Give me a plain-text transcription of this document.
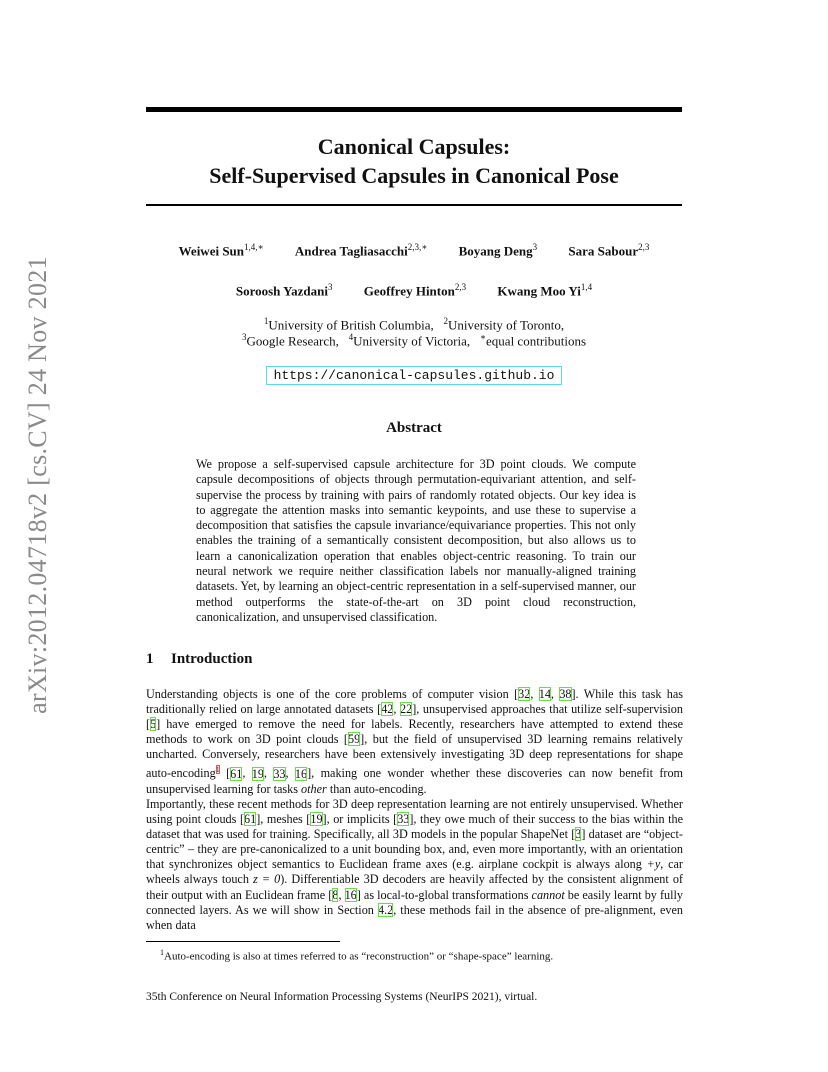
arXiv:2012.04718v2 [cs.CV] 24 Nov 2021
Canonical Capsules:
Self-Supervised Capsules in Canonical Pose
Weiwei Sun$^{1,4,∗}$ Andrea Tagliasacchi$^{2,3,∗}$ Boyang Deng$^3$ Sara Sabour$^{2,3}$
Soroosh Yazdani$^3$ Geoffrey Hinton$^{2,3}$ Kwang Moo Yi$^{1,4}$
$^1$University of British Columbia, $^2$University of Toronto,
$^3$Google Research, $^4$University of Victoria, ∗equal contributions
https://canonical-capsules.github.io
Abstract
We propose a self-supervised capsule architecture for 3D point clouds. We compute capsule decompositions of objects through permutation-equivariant attention, and self-supervise the process by training with pairs of randomly rotated objects. Our key idea is to aggregate the attention masks into semantic keypoints, and use these to supervise a decomposition that satisfies the capsule invariance/equivariance properties. This not only enables the training of a semantically consistent decomposition, but also allows us to learn a canonicalization operation that enables object-centric reasoning. To train our neural network we require neither classification labels nor manually-aligned training datasets. Yet, by learning an object-centric representation in a self-supervised manner, our method outperforms the state-of-the-art on 3D point cloud reconstruction, canonicalization, and unsupervised classification.
1 Introduction
Understanding objects is one of the core problems of computer vision [32, 14, 38]. While this task has traditionally relied on large annotated datasets [42, 22], unsupervised approaches that utilize self-supervision [5] have emerged to remove the need for labels. Recently, researchers have attempted to extend these methods to work on 3D point clouds [59], but the field of unsupervised 3D learning remains relatively uncharted. Conversely, researchers have been extensively investigating 3D deep representations for shape auto-encoding$^1$ [61, 19, 33, 16], making one wonder whether these discoveries can now benefit from unsupervised learning for tasks other than auto-encoding.
Importantly, these recent methods for 3D deep representation learning are not entirely unsupervised. Whether using point clouds [61], meshes [19], or implicits [33], they owe much of their success to the bias within the dataset that was used for training. Specifically, all 3D models in the popular ShapeNet [3] dataset are “object-centric” – they are pre-canonicalized to a unit bounding box, and, even more importantly, with an orientation that synchronizes object semantics to Euclidean frame axes (e.g. airplane cockpit is always along +y, car wheels always touch z = 0). Differentiable 3D decoders are heavily affected by the consistent alignment of their output with an Euclidean frame [8, 16] as local-to-global transformations cannot be easily learnt by fully connected layers. As we will show in Section 4.2, these methods fail in the absence of pre-alignment, even when data
$^1$Auto-encoding is also at times referred to as “reconstruction” or “shape-space” learning.
35th Conference on Neural Information Processing Systems (NeurIPS 2021), virtual.
